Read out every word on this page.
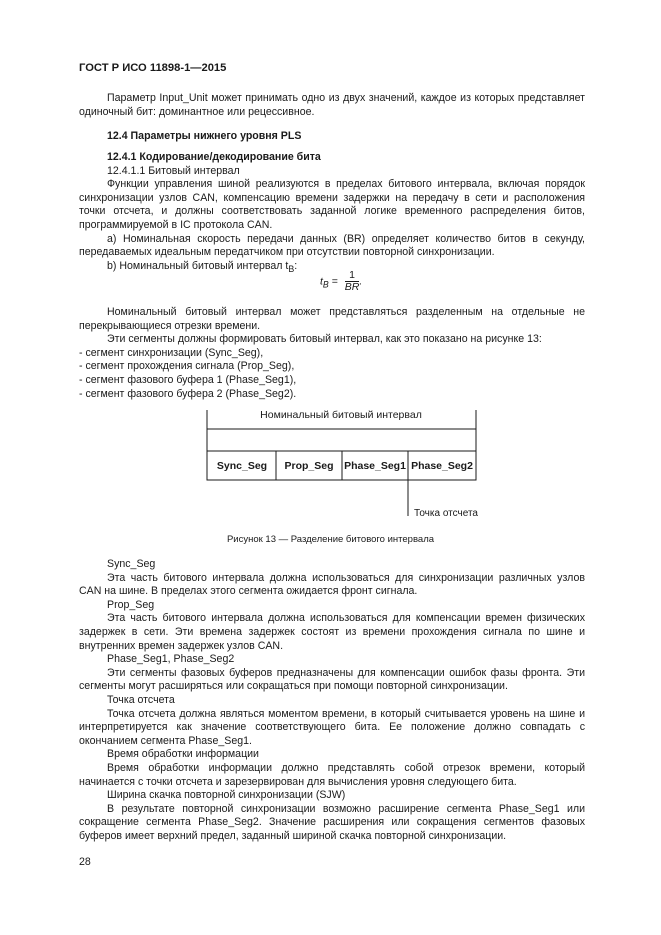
ГОСТ Р ИСО 11898-1—2015

Параметр Input_Unit может принимать одно из двух значений, каждое из которых представляет одиночный бит: доминантное или рецессивное.

12.4 Параметры нижнего уровня PLS

12.4.1 Кодирование/декодирование бита

12.4.1.1 Битовый интервал

Функции управления шиной реализуются в пределах битового интервала, включая порядок синхронизации узлов CAN, компенсацию времени задержки на передачу в сети и расположения точки отсчета, и должны соответствовать заданной логике временного распределения битов, программируемой в IC протокола CAN.

а) Номинальная скорость передачи данных (BR) определяет количество битов в секунду, передаваемых идеальным передатчиком при отсутствии повторной синхронизации.

b) Номинальный битовый интервал $t_B$:

$t_B = \frac{1}{BR}$ .

Номинальный битовый интервал может представляться разделенным на отдельные не перекрывающиеся отрезки времени.

Эти сегменты должны формировать битовый интервал, как это показано на рисунке 13:

- сегмент синхронизации (Sync_Seg),

- сегмент прохождения сигнала (Prop_Seg),

- сегмент фазового буфера 1 (Phase_Seg1),

- сегмент фазового буфера 2 (Phase_Seg2).

Номинальный битовый интервал
Sync_Seg Prop_Seg Phase_Seg1 Phase_Seg2
Точка отсчета
Рисунок 13 — Разделение битового интервала

Sync_Seg

Эта часть битового интервала должна использоваться для синхронизации различных узлов CAN на шине. В пределах этого сегмента ожидается фронт сигнала.

Prop_Seg

Эта часть битового интервала должна использоваться для компенсации времен физических задержек в сети. Эти времена задержек состоят из времени прохождения сигнала по шине и внутренних времен задержек узлов CAN.

Phase_Seg1, Phase_Seg2

Эти сегменты фазовых буферов предназначены для компенсации ошибок фазы фронта. Эти сегменты могут расширяться или сокращаться при помощи повторной синхронизации.

Точка отсчета

Точка отсчета должна являться моментом времени, в который считывается уровень на шине и интерпретируется как значение соответствующего бита. Ее положение должно совпадать с окончанием сегмента Phase_Seg1.

Время обработки информации

Время обработки информации должно представлять собой отрезок времени, который начинается с точки отсчета и зарезервирован для вычисления уровня следующего бита.

Ширина скачка повторной синхронизации (SJW)

В результате повторной синхронизации возможно расширение сегмента Phase_Seg1 или сокращение сегмента Phase_Seg2. Значение расширения или сокращения сегментов фазовых буферов имеет верхний предел, заданный шириной скачка повторной синхронизации.

28
